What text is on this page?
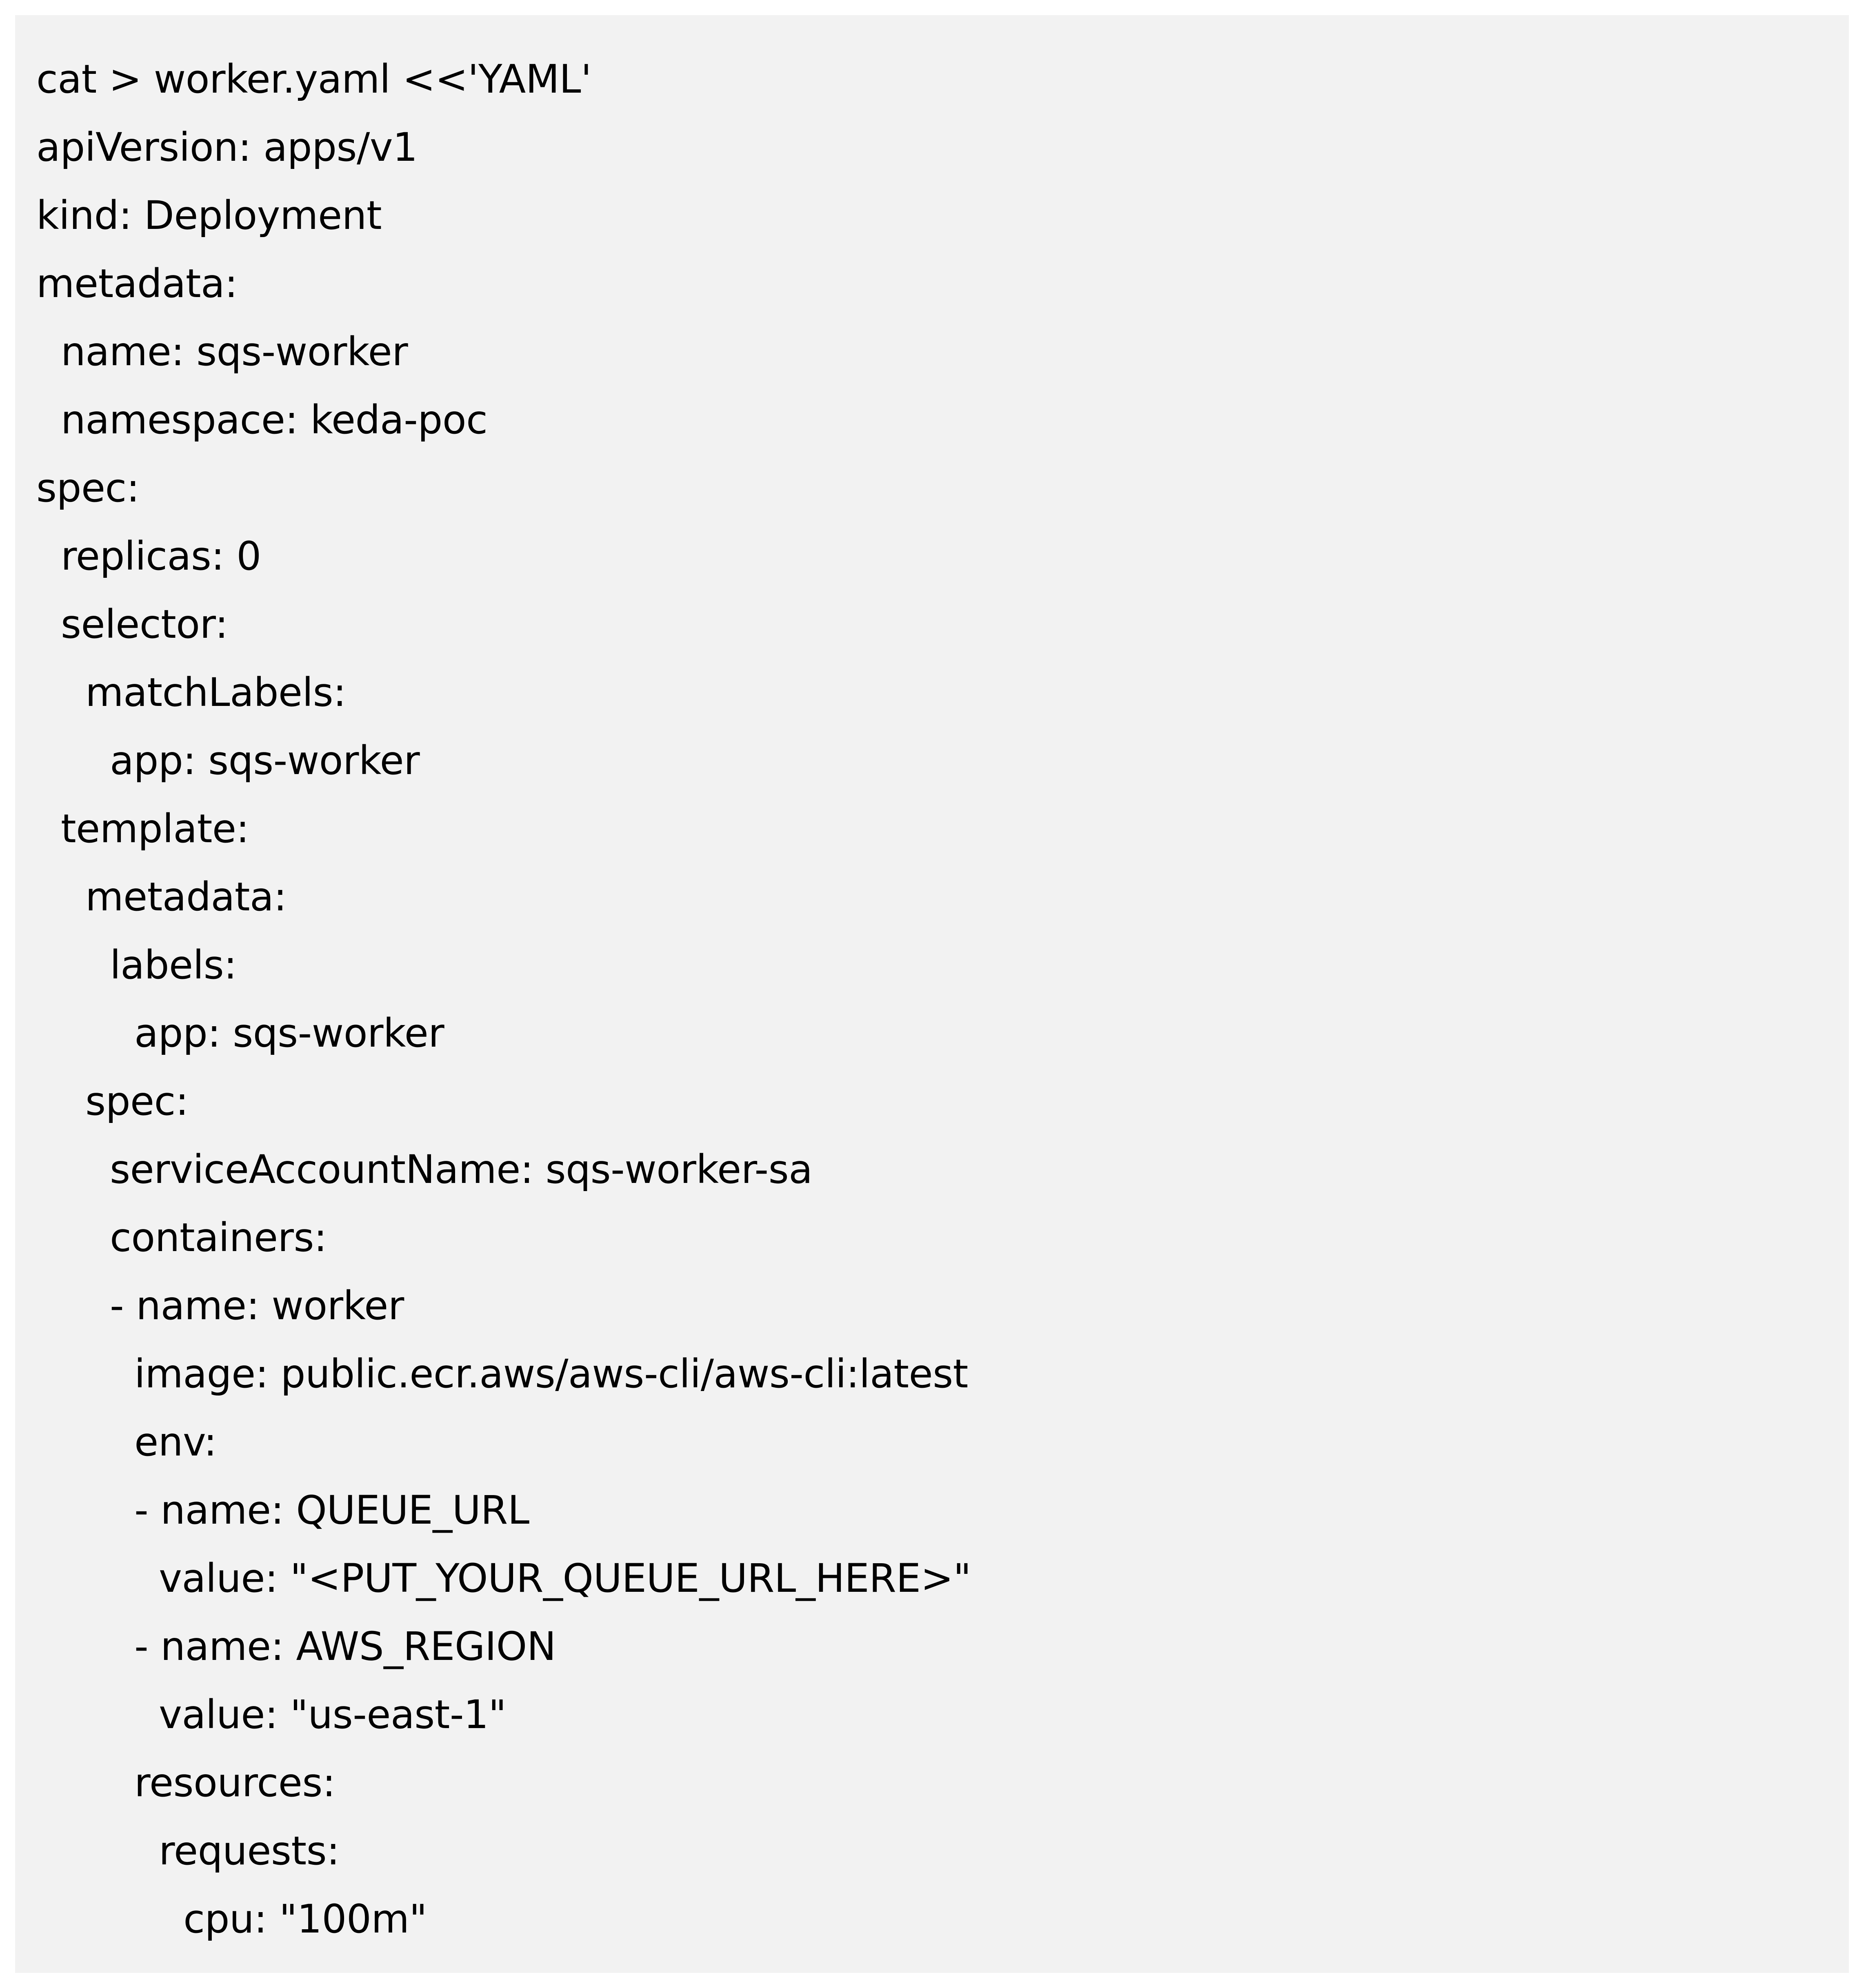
cat > worker.yaml <<'YAML'
apiVersion: apps/v1
kind: Deployment
metadata:
name: sqs-worker
namespace: keda-poc
spec:
replicas: 0
selector:
matchLabels:
app: sqs-worker
template:
metadata:
labels:
app: sqs-worker
spec:
serviceAccountName: sqs-worker-sa
containers:
- name: worker
image: public.ecr.aws/aws-cli/aws-cli:latest
env:
- name: QUEUE_URL
value: "<PUT_YOUR_QUEUE_URL_HERE>"
- name: AWS_REGION
value: "us-east-1"
resources:
requests:
cpu: "100m"
